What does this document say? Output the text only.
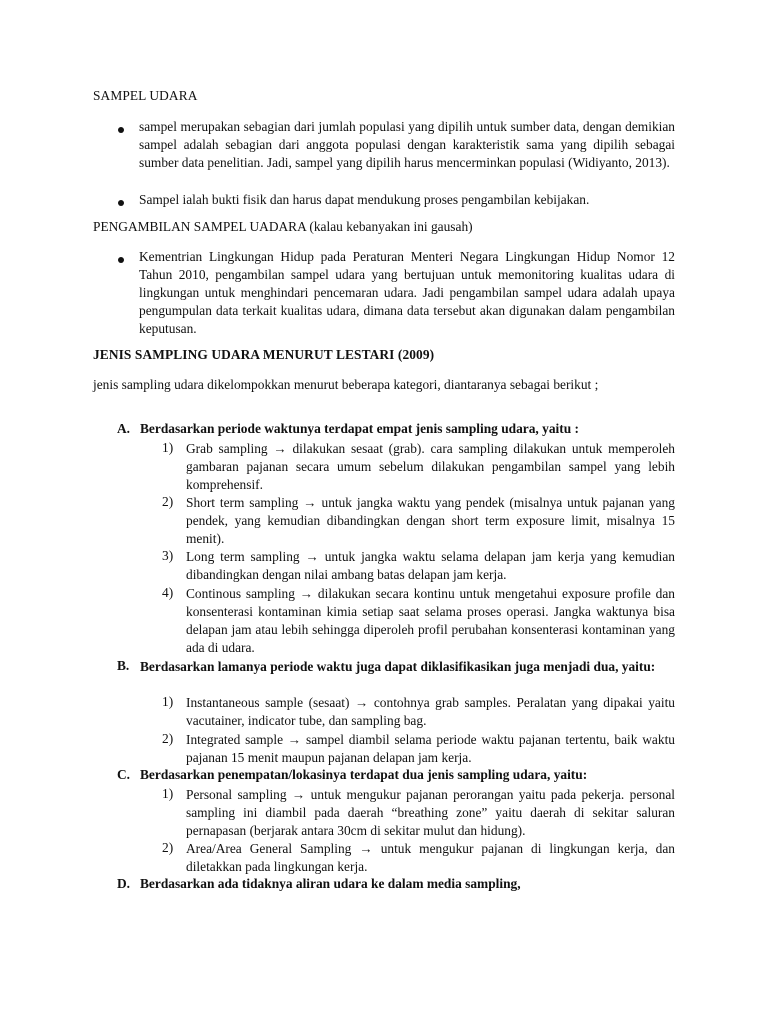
SAMPEL UDARA
sampel merupakan sebagian dari jumlah populasi yang dipilih untuk sumber data, dengan demikian sampel adalah sebagian dari anggota populasi dengan karakteristik sama yang dipilih sebagai sumber data penelitian. Jadi, sampel yang dipilih harus mencerminkan populasi (Widiyanto, 2013).
Sampel ialah bukti fisik dan harus dapat mendukung proses pengambilan kebijakan.
PENGAMBILAN SAMPEL UADARA (kalau kebanyakan ini gausah)
Kementrian Lingkungan Hidup pada Peraturan Menteri Negara Lingkungan Hidup Nomor 12 Tahun 2010, pengambilan sampel udara yang bertujuan untuk memonitoring kualitas udara di lingkungan untuk menghindari pencemaran udara. Jadi pengambilan sampel udara adalah upaya pengumpulan data terkait kualitas udara, dimana data tersebut akan digunakan dalam pengambilan keputusan.
JENIS SAMPLING UDARA MENURUT LESTARI (2009)
jenis sampling udara dikelompokkan menurut beberapa kategori, diantaranya sebagai berikut ;
A. Berdasarkan periode waktunya terdapat empat jenis sampling udara, yaitu :
1) Grab sampling → dilakukan sesaat (grab). cara sampling dilakukan untuk memperoleh gambaran pajanan secara umum sebelum dilakukan pengambilan sampel yang lebih komprehensif.
2) Short term sampling → untuk jangka waktu yang pendek (misalnya untuk pajanan yang pendek, yang kemudian dibandingkan dengan short term exposure limit, misalnya 15 menit).
3) Long term sampling → untuk jangka waktu selama delapan jam kerja yang kemudian dibandingkan dengan nilai ambang batas delapan jam kerja.
4) Continous sampling → dilakukan secara kontinu untuk mengetahui exposure profile dan konsenterasi kontaminan kimia setiap saat selama proses operasi. Jangka waktunya bisa delapan jam atau lebih sehingga diperoleh profil perubahan konsenterasi kontaminan yang ada di udara.
B. Berdasarkan lamanya periode waktu juga dapat diklasifikasikan juga menjadi dua, yaitu:
1) Instantaneous sample (sesaat) → contohnya grab samples. Peralatan yang dipakai yaitu vacutainer, indicator tube, dan sampling bag.
2) Integrated sample → sampel diambil selama periode waktu pajanan tertentu, baik waktu pajanan 15 menit maupun pajanan delapan jam kerja.
C. Berdasarkan penempatan/lokasinya terdapat dua jenis sampling udara, yaitu:
1) Personal sampling → untuk mengukur pajanan perorangan yaitu pada pekerja. personal sampling ini diambil pada daerah “breathing zone” yaitu daerah di sekitar saluran pernapasan (berjarak antara 30cm di sekitar mulut dan hidung).
2) Area/Area General Sampling → untuk mengukur pajanan di lingkungan kerja, dan diletakkan pada lingkungan kerja.
D. Berdasarkan ada tidaknya aliran udara ke dalam media sampling,
